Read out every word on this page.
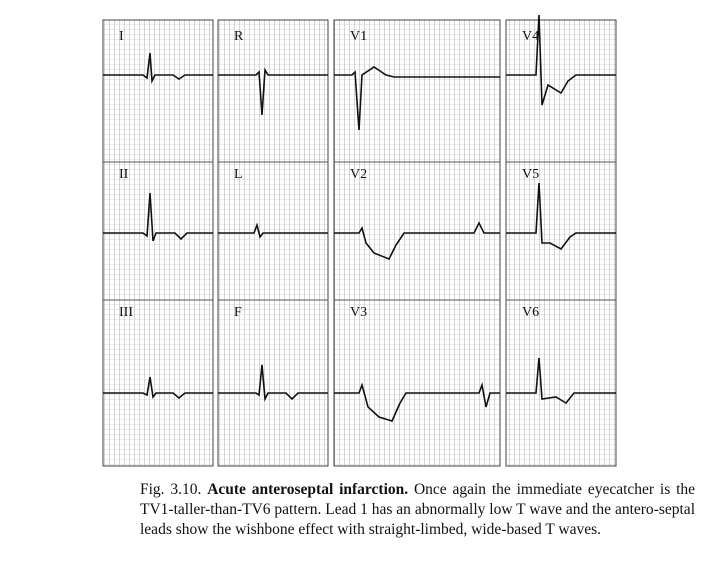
I
II
III
R
L
F
V1
V2
V3
V4
V5
V6
Fig. 3.10. Acute anteroseptal infarction. Once again the immediate eyecatcher is the TV1-taller-than-TV6 pattern. Lead 1 has an abnormally low T wave and the antero-septal leads show the wishbone effect with straight-limbed, wide-based T waves.
